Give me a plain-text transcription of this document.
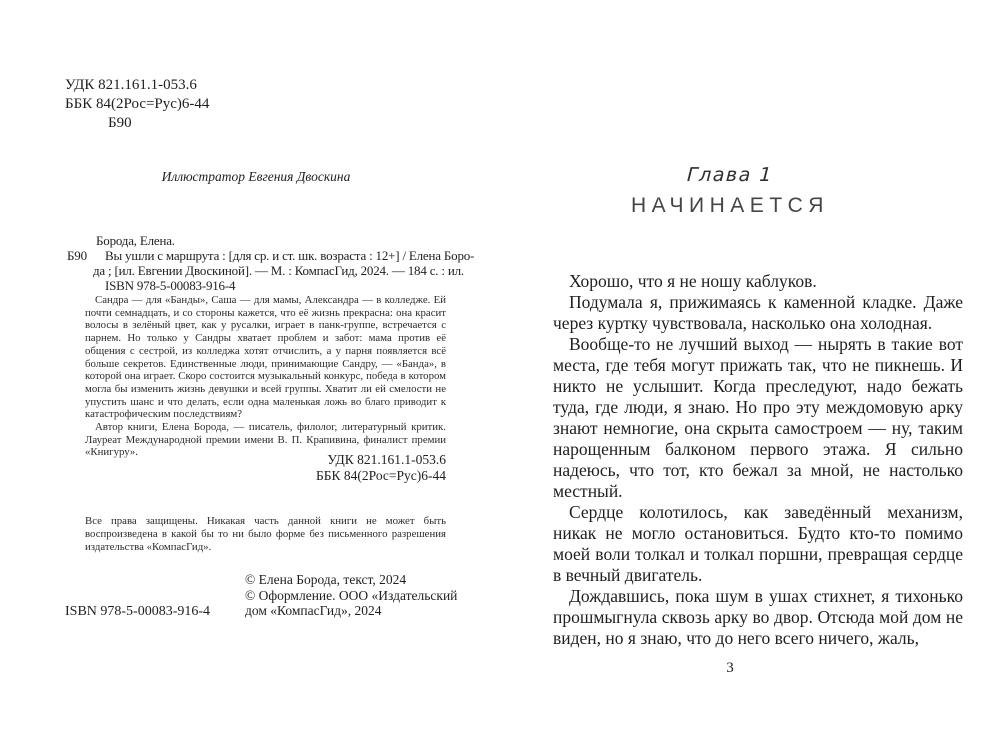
УДК 821.161.1-053.6
ББК 84(2Рос=Рус)6-44
Б90
Иллюстратор Евгения Двоскина
Борода, Елена.
Б90 Вы ушли с маршрута : [для ср. и ст. шк. возраста : 12+] / Елена Боро-
да ; [ил. Евгении Двоскиной]. — М. : КомпасГид, 2024. — 184 с. : ил.
ISBN 978-5-00083-916-4

Сандра — для «Банды», Саша — для мамы, Александра — в колледже. Ей почти семнадцать, и со стороны кажется, что её жизнь прекрасна: она красит волосы в зелёный цвет, как у русалки, играет в панк-группе, встречается с парнем. Но только у Сандры хватает проблем и забот: мама против её общения с сестрой, из колледжа хотят отчислить, а у парня появляется всё больше секретов. Единственные люди, принимающие Сандру, — «Банда», в которой она играет. Скоро состоится музыкальный конкурс, победа в котором могла бы изменить жизнь девушки и всей группы. Хватит ли ей смелости не упустить шанс и что делать, если одна маленькая ложь во благо приводит к катастрофическим последствиям?

Автор книги, Елена Борода, — писатель, филолог, литературный критик. Лауреат Международной премии имени В. П. Крапивина, финалист премии «Книгуру».	УДК 821.161.1-053.6
ББК 84(2Рос=Рус)6-44

Все права защищены. Никакая часть данной книги не может быть воспроизведена в какой бы то ни было форме без письменного разрешения издательства «КомпасГид».

© Елена Борода, текст, 2024
© Оформление. ООО «Издательский
дом «КомпасГид», 2024
ISBN 978-5-00083-916-4
Глава 1
НАЧИНАЕТСЯ

Хорошо, что я не ношу каблуков.

Подумала я, прижимаясь к каменной кладке. Даже через куртку чувствовала, насколько она холодная.

Вообще-то не лучший выход — нырять в такие вот места, где тебя могут прижать так, что не пикнешь. И никто не услышит. Когда преследуют, надо бежать туда, где люди, я знаю. Но про эту междомовую арку знают немногие, она скрыта самостроем — ну, таким нарощенным балконом первого этажа. Я сильно надеюсь, что тот, кто бежал за мной, не настолько местный.

Сердце колотилось, как заведённый механизм, никак не могло остановиться. Будто кто-то помимо моей воли толкал и толкал поршни, превращая сердце в вечный двигатель.

Дождавшись, пока шум в ушах стихнет, я тихонько прошмыгнула сквозь арку во двор. Отсюда мой дом не виден, но я знаю, что до него всего ничего, жаль,

3
